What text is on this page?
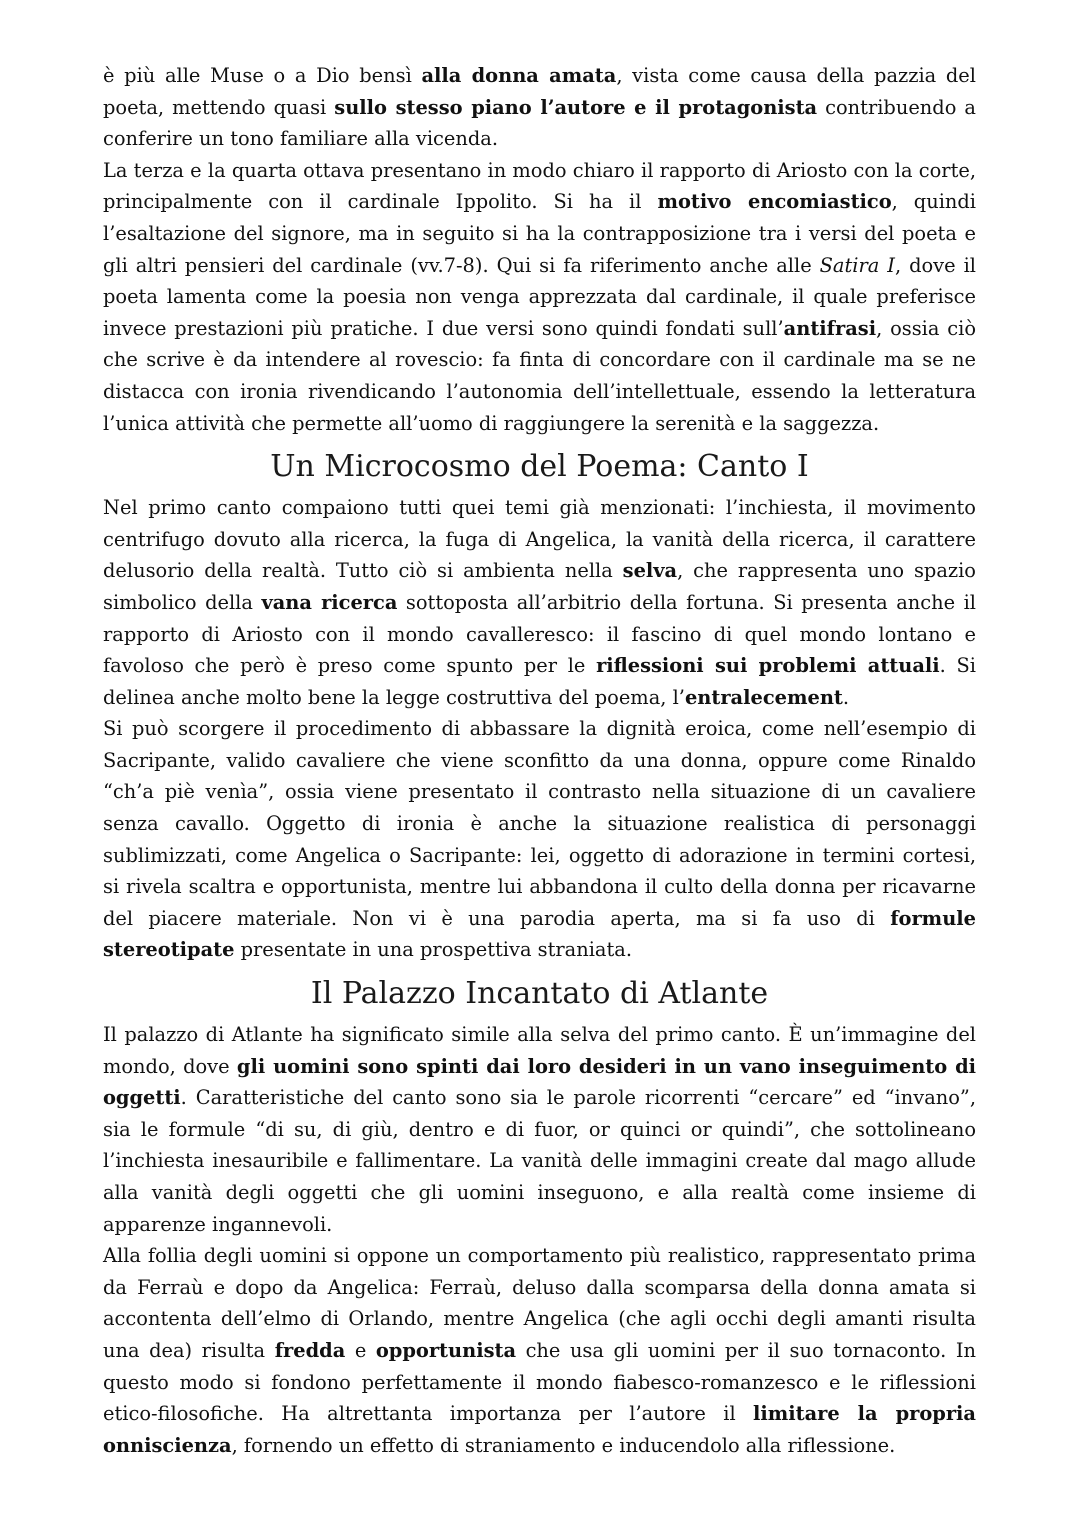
è più alle Muse o a Dio bensì alla donna amata, vista come causa della pazzia del poeta, mettendo quasi sullo stesso piano l’autore e il protagonista contribuendo a conferire un tono familiare alla vicenda.

La terza e la quarta ottava presentano in modo chiaro il rapporto di Ariosto con la corte, principalmente con il cardinale Ippolito. Si ha il motivo encomiastico, quindi l’esaltazione del signore, ma in seguito si ha la contrapposizione tra i versi del poeta e gli altri pensieri del cardinale (vv.7-8). Qui si fa riferimento anche alle Satira I, dove il poeta lamenta come la poesia non venga apprezzata dal cardinale, il quale preferisce invece prestazioni più pratiche. I due versi sono quindi fondati sull’antifrasi, ossia ciò che scrive è da intendere al rovescio: fa finta di concordare con il cardinale ma se ne distacca con ironia rivendicando l’autonomia dell’intellettuale, essendo la letteratura l’unica attività che permette all’uomo di raggiungere la serenità e la saggezza.

Un Microcosmo del Poema: Canto I

Nel primo canto compaiono tutti quei temi già menzionati: l’inchiesta, il movimento centrifugo dovuto alla ricerca, la fuga di Angelica, la vanità della ricerca, il carattere delusorio della realtà. Tutto ciò si ambienta nella selva, che rappresenta uno spazio simbolico della vana ricerca sottoposta all’arbitrio della fortuna. Si presenta anche il rapporto di Ariosto con il mondo cavalleresco: il fascino di quel mondo lontano e favoloso che però è preso come spunto per le riflessioni sui problemi attuali. Si delinea anche molto bene la legge costruttiva del poema, l’entralecement.

Si può scorgere il procedimento di abbassare la dignità eroica, come nell’esempio di Sacripante, valido cavaliere che viene sconfitto da una donna, oppure come Rinaldo “ch’a piè venìa”, ossia viene presentato il contrasto nella situazione di un cavaliere senza cavallo. Oggetto di ironia è anche la situazione realistica di personaggi sublimizzati, come Angelica o Sacripante: lei, oggetto di adorazione in termini cortesi, si rivela scaltra e opportunista, mentre lui abbandona il culto della donna per ricavarne del piacere materiale. Non vi è una parodia aperta, ma si fa uso di formule stereotipate presentate in una prospettiva straniata.

Il Palazzo Incantato di Atlante

Il palazzo di Atlante ha significato simile alla selva del primo canto. È un’immagine del mondo, dove gli uomini sono spinti dai loro desideri in un vano inseguimento di oggetti. Caratteristiche del canto sono sia le parole ricorrenti “cercare” ed “invano”, sia le formule “di su, di giù, dentro e di fuor, or quinci or quindi”, che sottolineano l’inchiesta inesauribile e fallimentare. La vanità delle immagini create dal mago allude alla vanità degli oggetti che gli uomini inseguono, e alla realtà come insieme di apparenze ingannevoli.

Alla follia degli uomini si oppone un comportamento più realistico, rappresentato prima da Ferraù e dopo da Angelica: Ferraù, deluso dalla scomparsa della donna amata si accontenta dell’elmo di Orlando, mentre Angelica (che agli occhi degli amanti risulta una dea) risulta fredda e opportunista che usa gli uomini per il suo tornaconto. In questo modo si fondono perfettamente il mondo fiabesco-romanzesco e le riflessioni etico-filosofiche. Ha altrettanta importanza per l’autore il limitare la propria onniscienza, fornendo un effetto di straniamento e inducendolo alla riflessione.
